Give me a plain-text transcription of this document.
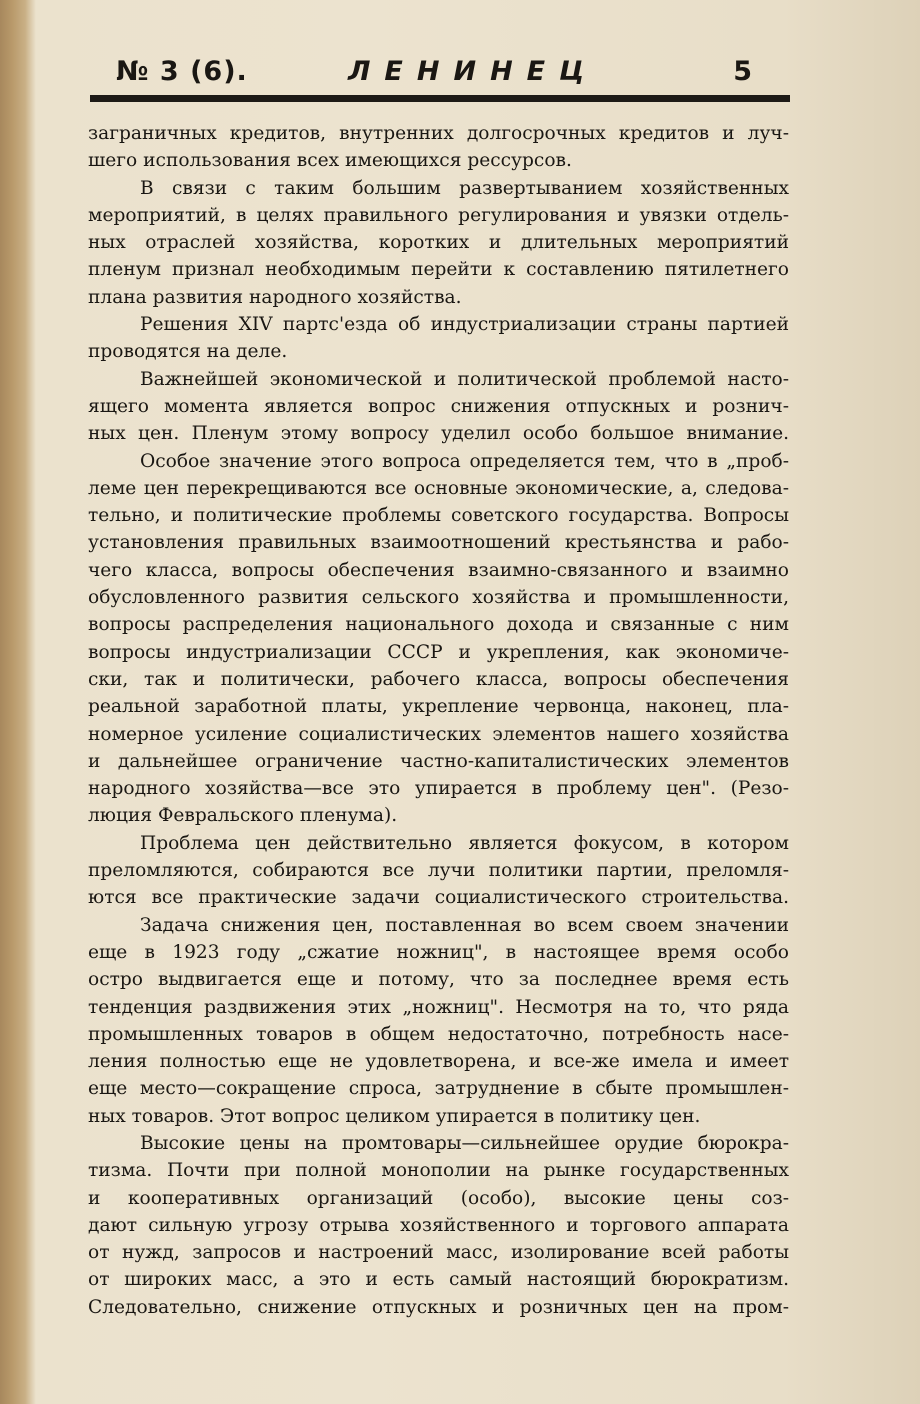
№ 3 (6).	ЛЕНИНЕЦ	5
заграничных кредитов, внутренних долгосрочных кредитов и луч-
шего использования всех имеющихся рессурсов.
В связи с таким большим развертыванием хозяйственных
мероприятий, в целях правильного регулирования и увязки отдель-
ных отраслей хозяйства, коротких и длительных мероприятий
пленум признал необходимым перейти к составлению пятилетнего
плана развития народного хозяйства.
Решения XIV партс'езда об индустриализации страны партией
проводятся на деле.
Важнейшей экономической и политической проблемой насто-
ящего момента является вопрос снижения отпускных и рознич-
ных цен. Пленум этому вопросу уделил особо большое внимание.
Особое значение этого вопроса определяется тем, что в „проб-
леме цен перекрещиваются все основные экономические, а, следова-
тельно, и политические проблемы советского государства. Вопросы
установления правильных взаимоотношений крестьянства и рабо-
чего класса, вопросы обеспечения взаимно-связанного и взаимно
обусловленного развития сельского хозяйства и промышленности,
вопросы распределения национального дохода и связанные с ним
вопросы индустриализации СССР и укрепления, как экономиче-
ски, так и политически, рабочего класса, вопросы обеспечения
реальной заработной платы, укрепление червонца, наконец, пла-
номерное усиление социалистических элементов нашего хозяйства
и дальнейшее ограничение частно-капиталистических элементов
народного хозяйства—все это упирается в проблему цен". (Резо-
люция Февральского пленума).
Проблема цен действительно является фокусом, в котором
преломляются, собираются все лучи политики партии, преломля-
ются все практические задачи социалистического строительства.
Задача снижения цен, поставленная во всем своем значении
еще в 1923 году „сжатие ножниц", в настоящее время особо
остро выдвигается еще и потому, что за последнее время есть
тенденция раздвижения этих „ножниц". Несмотря на то, что ряда
промышленных товаров в общем недостаточно, потребность насе-
ления полностью еще не удовлетворена, и все-же имела и имеет
еще место—сокращение спроса, затруднение в сбыте промышлен-
ных товаров. Этот вопрос целиком упирается в политику цен.
Высокие цены на промтовары—сильнейшее орудие бюрокра-
тизма. Почти при полной монополии на рынке государственных
и кооперативных организаций (особо), высокие цены соз-
дают сильную угрозу отрыва хозяйственного и торгового аппарата
от нужд, запросов и настроений масс, изолирование всей работы
от широких масс, а это и есть самый настоящий бюрократизм.
Следовательно, снижение отпускных и розничных цен на пром-
